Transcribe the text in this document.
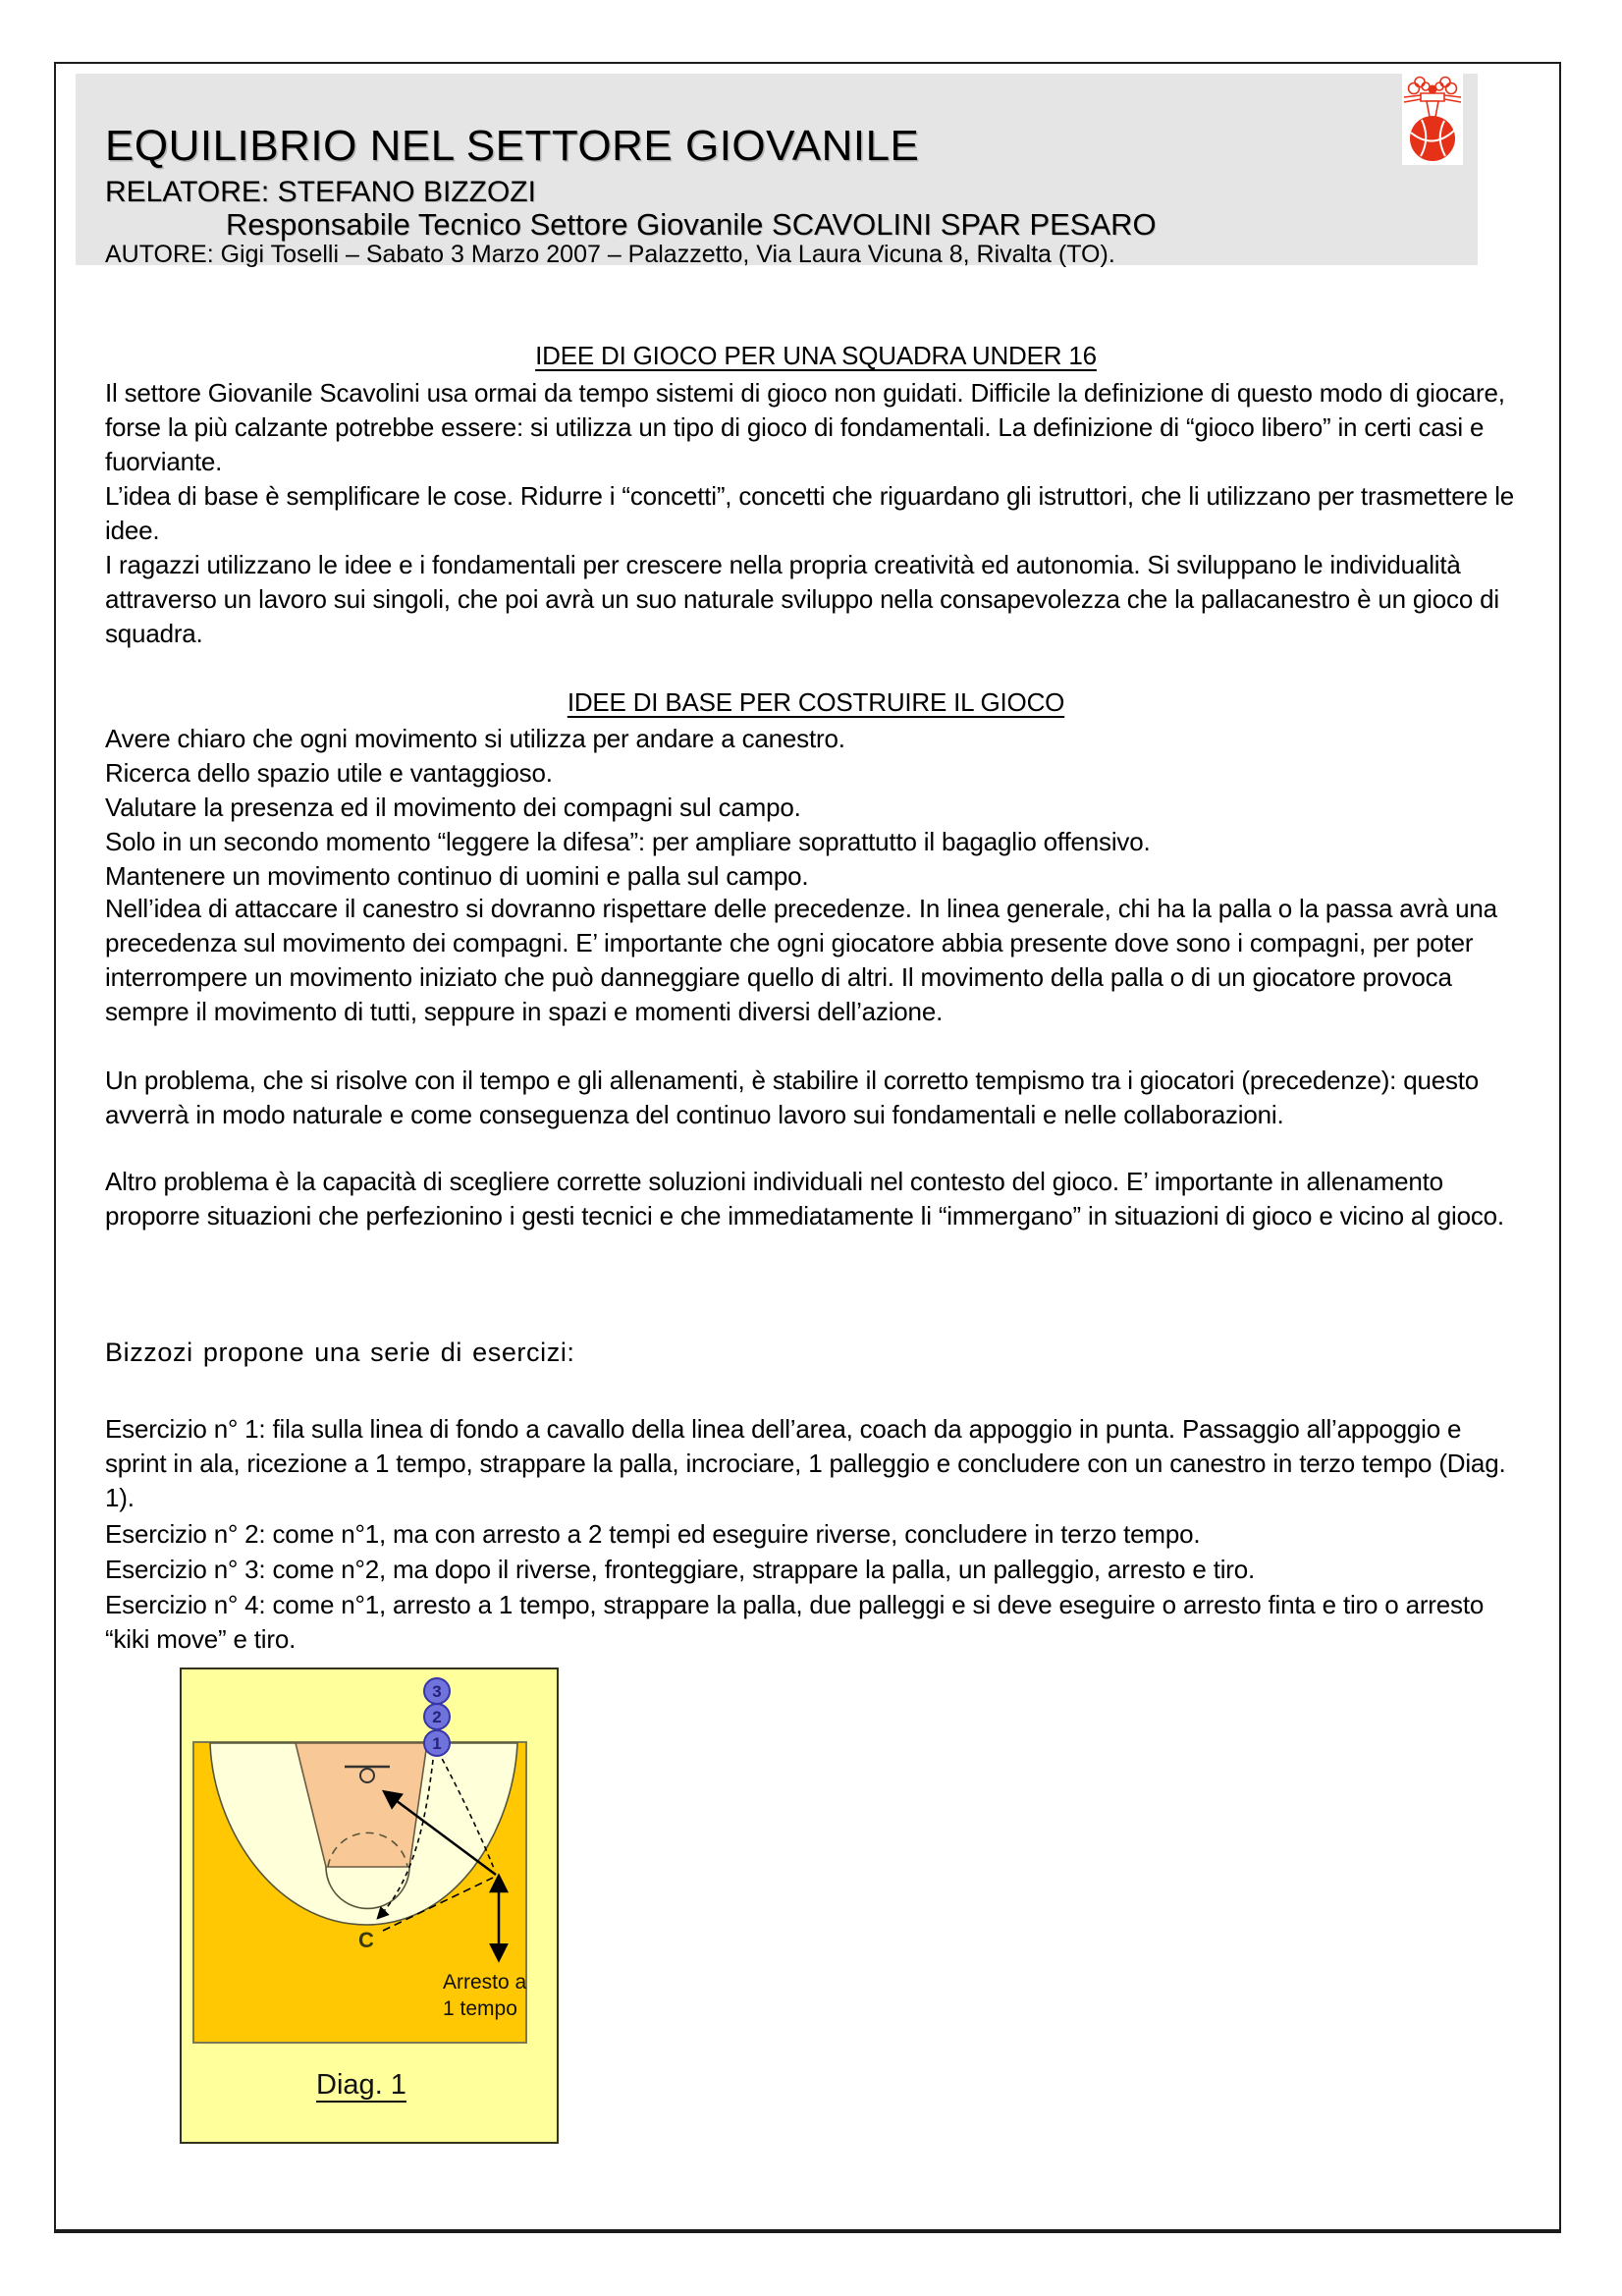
EQUILIBRIO NEL SETTORE GIOVANILE
RELATORE: STEFANO BIZZOZI
Responsabile Tecnico Settore Giovanile SCAVOLINI SPAR PESARO
AUTORE: Gigi Toselli – Sabato 3 Marzo 2007 – Palazzetto, Via Laura Vicuna 8, Rivalta (TO).
IDEE DI GIOCO PER UNA SQUADRA UNDER 16
Il settore Giovanile Scavolini usa ormai da tempo sistemi di gioco non guidati. Difficile la definizione di questo modo di giocare, forse la più calzante potrebbe essere: si utilizza un tipo di gioco di fondamentali. La definizione di “gioco libero” in certi casi e fuorviante.
L’idea di base è semplificare le cose. Ridurre i “concetti”, concetti che riguardano gli istruttori, che li utilizzano per trasmettere le idee.
I ragazzi utilizzano le idee e i fondamentali per crescere nella propria creatività ed autonomia. Si sviluppano le individualità attraverso un lavoro sui singoli, che poi avrà un suo naturale sviluppo nella consapevolezza che la pallacanestro è un gioco di squadra.
IDEE DI BASE PER COSTRUIRE IL GIOCO
Avere chiaro che ogni movimento si utilizza per andare a canestro.
Ricerca dello spazio utile e vantaggioso.
Valutare la presenza ed il movimento dei compagni sul campo.
Solo in un secondo momento “leggere la difesa”: per ampliare soprattutto il bagaglio offensivo.
Mantenere un movimento continuo di uomini e palla sul campo.
Nell’idea di attaccare il canestro si dovranno rispettare delle precedenze. In linea generale, chi ha la palla o la passa avrà una precedenza sul movimento dei compagni. E’ importante che ogni giocatore abbia presente dove sono i compagni, per poter interrompere un movimento iniziato che può danneggiare quello di altri. Il movimento della palla o di un giocatore provoca sempre il movimento di tutti, seppure in spazi e momenti diversi dell’azione.
Un problema, che si risolve con il tempo e gli allenamenti, è stabilire il corretto tempismo tra i giocatori (precedenze): questo avverrà in modo naturale e come conseguenza del continuo lavoro sui fondamentali e nelle collaborazioni.
Altro problema è la capacità di scegliere corrette soluzioni individuali nel contesto del gioco. E’ importante in allenamento proporre situazioni che perfezionino i gesti tecnici e che immediatamente li “immergano” in situazioni di gioco e vicino al gioco.
Bizzozi propone una serie di esercizi:
Esercizio n° 1: fila sulla linea di fondo a cavallo della linea dell’area, coach da appoggio in punta. Passaggio all’appoggio e sprint in ala, ricezione a 1 tempo, strappare la palla, incrociare, 1 palleggio e concludere con un canestro in terzo tempo (Diag. 1).
Esercizio n° 2: come n°1, ma con arresto a 2 tempi ed eseguire riverse, concludere in terzo tempo.
Esercizio n° 3: come n°2, ma dopo il riverse, fronteggiare, strappare la palla, un palleggio, arresto e tiro.
Esercizio n° 4: come n°1, arresto a 1 tempo, strappare la palla, due palleggi e si deve eseguire o arresto finta e tiro o arresto “kiki move” e tiro.
3
2
1
C
Arresto a
1 tempo
Diag. 1
